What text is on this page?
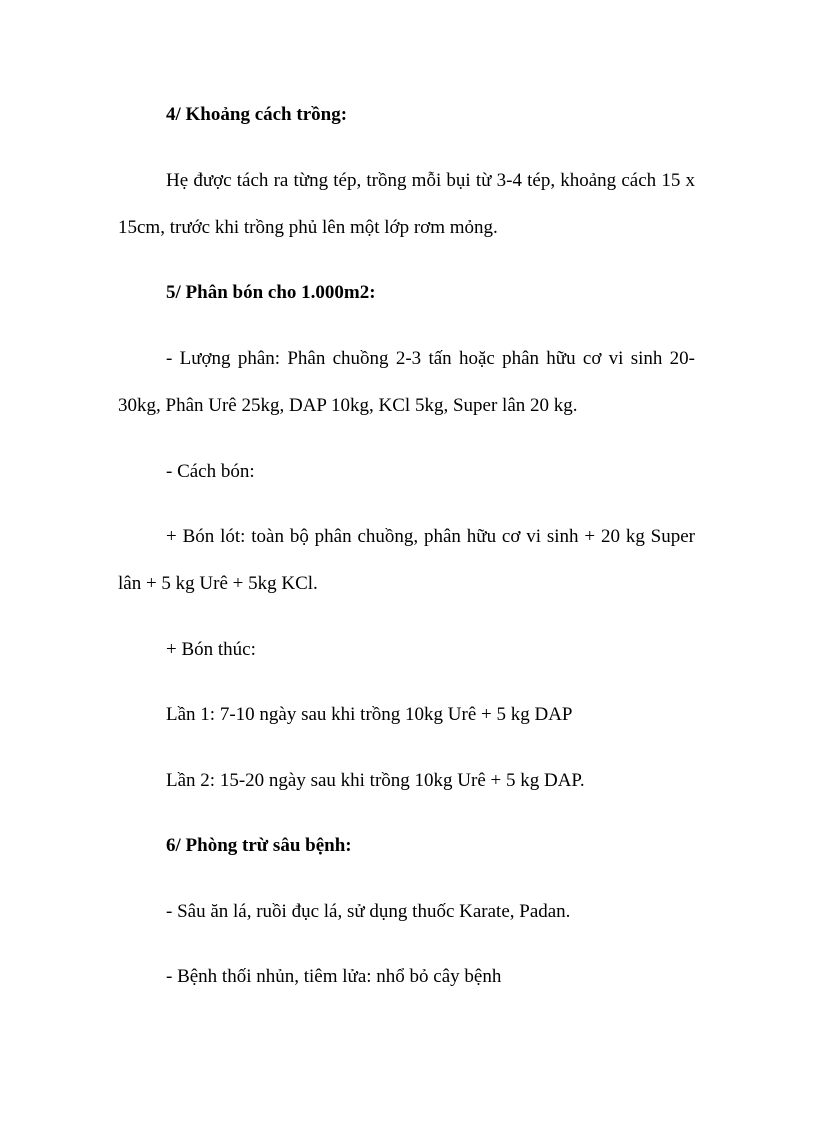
4/ Khoảng cách trồng:
Hẹ được tách ra từng tép, trồng mỗi bụi từ 3-4 tép, khoảng cách 15 x
15cm, trước khi trồng phủ lên một lớp rơm mỏng.
5/ Phân bón cho 1.000m2:
- Lượng phân: Phân chuồng 2-3 tấn hoặc phân hữu cơ vi sinh 20-
30kg, Phân Urê 25kg, DAP 10kg, KCl 5kg, Super lân 20 kg.
- Cách bón:
+ Bón lót: toàn bộ phân chuồng, phân hữu cơ vi sinh + 20 kg Super
lân + 5 kg Urê + 5kg KCl.
+ Bón thúc:
Lần 1: 7-10 ngày sau khi trồng 10kg Urê + 5 kg DAP
Lần 2: 15-20 ngày sau khi trồng 10kg Urê + 5 kg DAP.
6/ Phòng trừ sâu bệnh:
- Sâu ăn lá, ruồi đục lá, sử dụng thuốc Karate, Padan.
- Bệnh thối nhủn, tiêm lửa: nhổ bỏ cây bệnh
